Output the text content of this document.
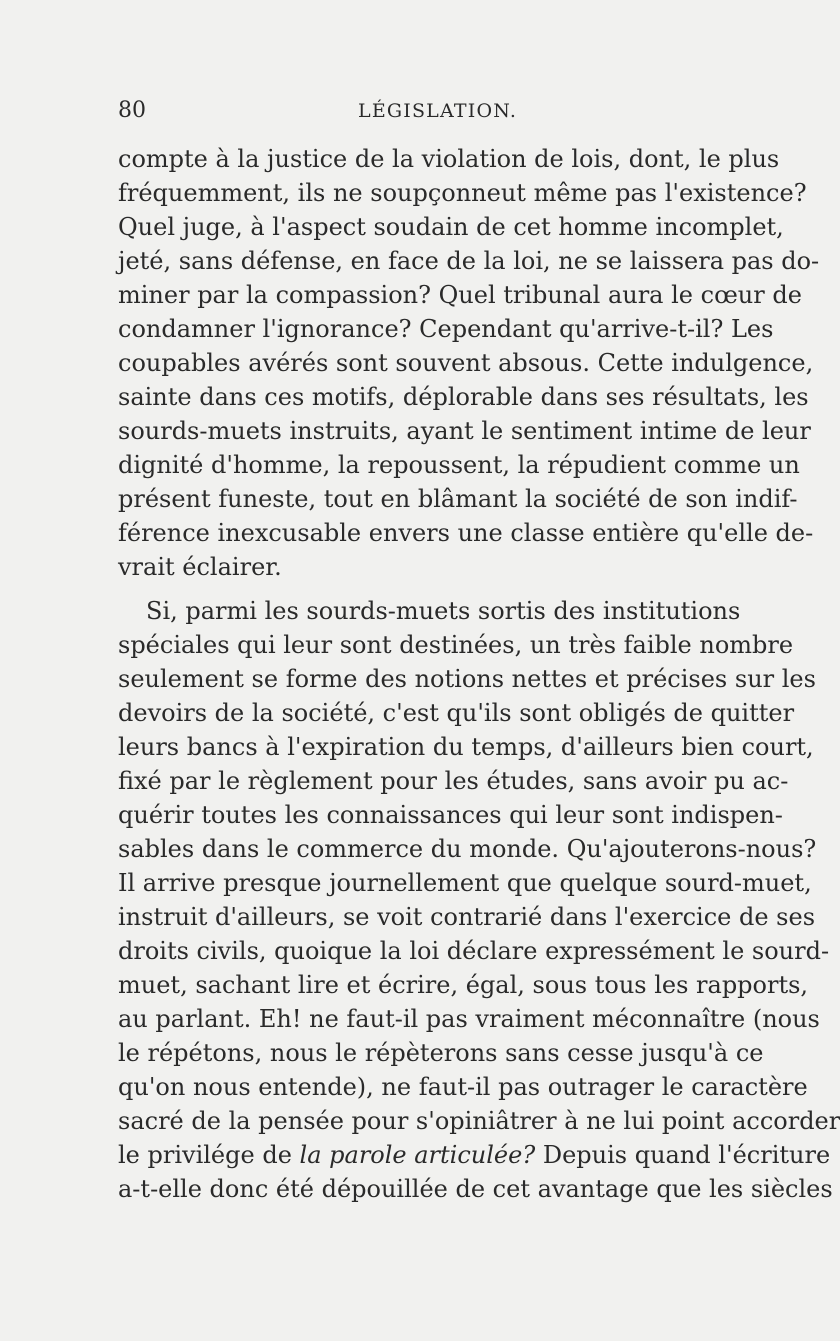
80	LÉGISLATION.
compte à la justice de la violation de lois, dont, le plus
fréquemment, ils ne soupçonneut même pas l'existence?
Quel juge, à l'aspect soudain de cet homme incomplet,
jeté, sans défense, en face de la loi, ne se laissera pas do-
miner par la compassion? Quel tribunal aura le cœur de
condamner l'ignorance? Cependant qu'arrive-t-il? Les
coupables avérés sont souvent absous. Cette indulgence,
sainte dans ces motifs, déplorable dans ses résultats, les
sourds-muets instruits, ayant le sentiment intime de leur
dignité d'homme, la repoussent, la répudient comme un
présent funeste, tout en blâmant la société de son indif-
férence inexcusable envers une classe entière qu'elle de-
vrait éclairer.
Si, parmi les sourds-muets sortis des institutions
spéciales qui leur sont destinées, un très faible nombre
seulement se forme des notions nettes et précises sur les
devoirs de la société, c'est qu'ils sont obligés de quitter
leurs bancs à l'expiration du temps, d'ailleurs bien court,
fixé par le règlement pour les études, sans avoir pu ac-
quérir toutes les connaissances qui leur sont indispen-
sables dans le commerce du monde. Qu'ajouterons-nous?
Il arrive presque journellement que quelque sourd-muet,
instruit d'ailleurs, se voit contrarié dans l'exercice de ses
droits civils, quoique la loi déclare expressément le sourd-
muet, sachant lire et écrire, égal, sous tous les rapports,
au parlant. Eh! ne faut-il pas vraiment méconnaître (nous
le répétons, nous le répèterons sans cesse jusqu'à ce
qu'on nous entende), ne faut-il pas outrager le caractère
sacré de la pensée pour s'opiniâtrer à ne lui point accorder
le privilége de la parole articulée? Depuis quand l'écriture
a-t-elle donc été dépouillée de cet avantage que les siècles
